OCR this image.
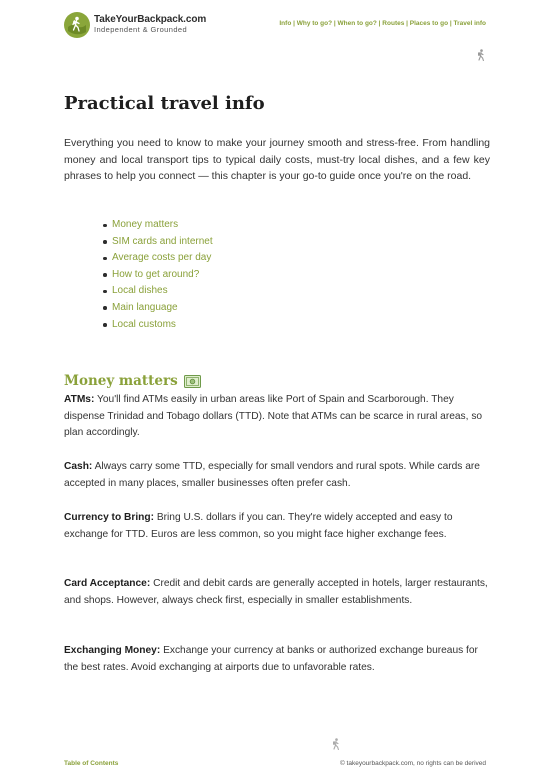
TakeYourBackpack.com
Independent & Grounded
Info | Why to go? | When to go? | Routes | Places to go | Travel info
Practical travel info

Everything you need to know to make your journey smooth and stress-free. From handling money and local transport tips to typical daily costs, must-try local dishes, and a few key phrases to help you connect — this chapter is your go-to guide once you're on the road.

Money matters
SIM cards and internet
Average costs per day
How to get around?
Local dishes
Main language
Local customs
Money matters

ATMs: You'll find ATMs easily in urban areas like Port of Spain and Scarborough. They dispense Trinidad and Tobago dollars (TTD). Note that ATMs can be scarce in rural areas, so plan accordingly.

Cash: Always carry some TTD, especially for small vendors and rural spots. While cards are accepted in many places, smaller businesses often prefer cash.

Currency to Bring: Bring U.S. dollars if you can. They're widely accepted and easy to exchange for TTD. Euros are less common, so you might face higher exchange fees.

Card Acceptance: Credit and debit cards are generally accepted in hotels, larger restaurants, and shops. However, always check first, especially in smaller establishments.

Exchanging Money: Exchange your currency at banks or authorized exchange bureaus for the best rates. Avoid exchanging at airports due to unfavorable rates.

Table of Contents	© takeyourbackpack.com, no rights can be derived
